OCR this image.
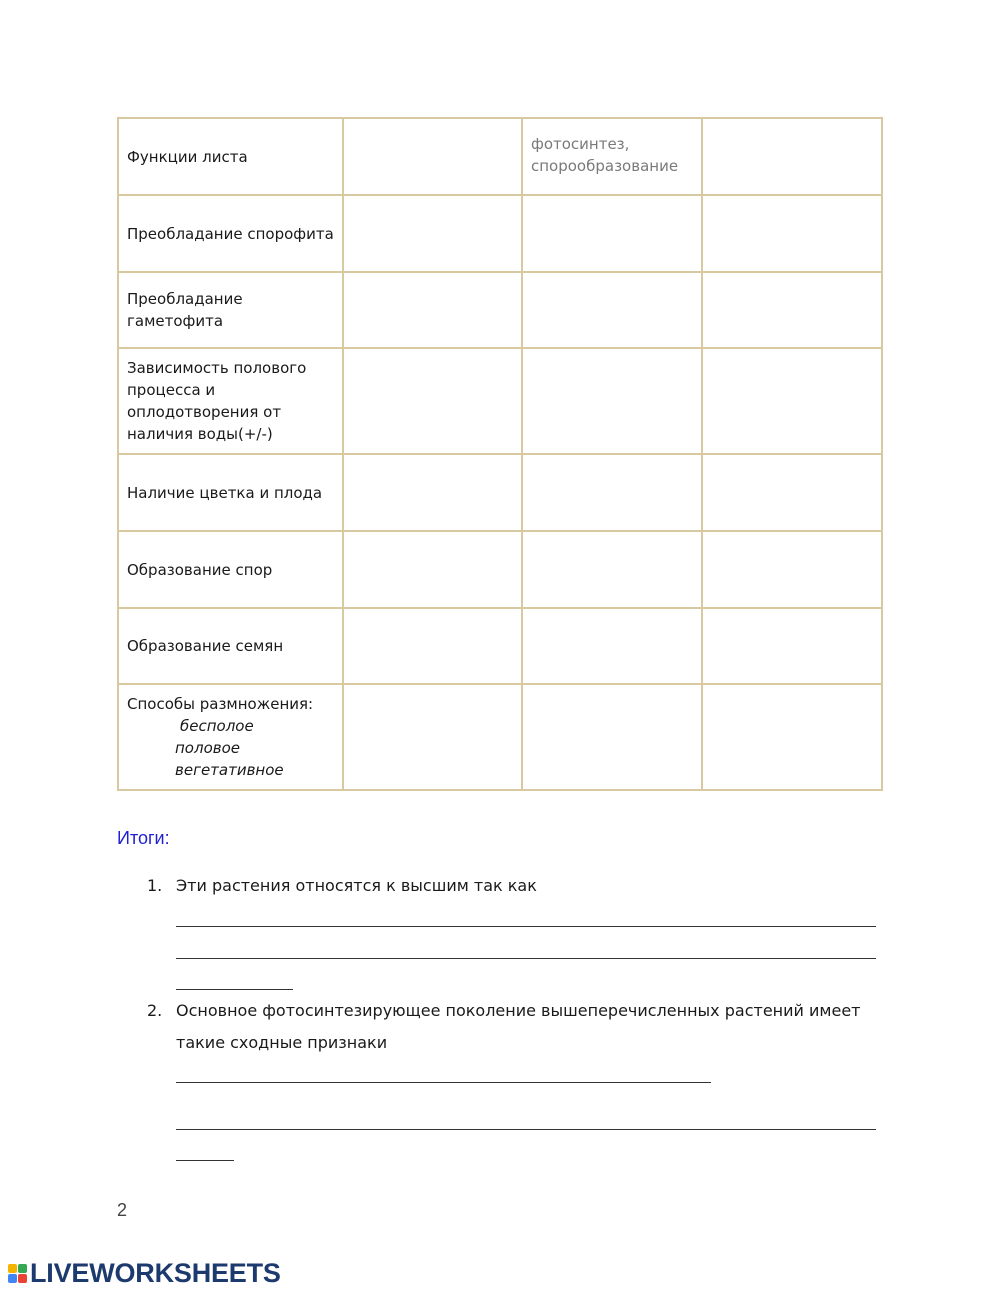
Функции листа		фотосинтез, спорообразование	
Преобладание спорофита			
Преобладание гаметофита			
Зависимость полового процесса и оплодотворения от наличия воды(+/-)			
Наличие цветка и плода			
Образование спор			
Образование семян			
Способы размножения:
бесполое
половое
вегетативное			

Итоги:
1. Эти растения относятся к высшим так как
2. Основное фотосинтезирующее поколение вышеперечисленных растений имеет
такие сходные признаки
2
LIVEWORKSHEETS
